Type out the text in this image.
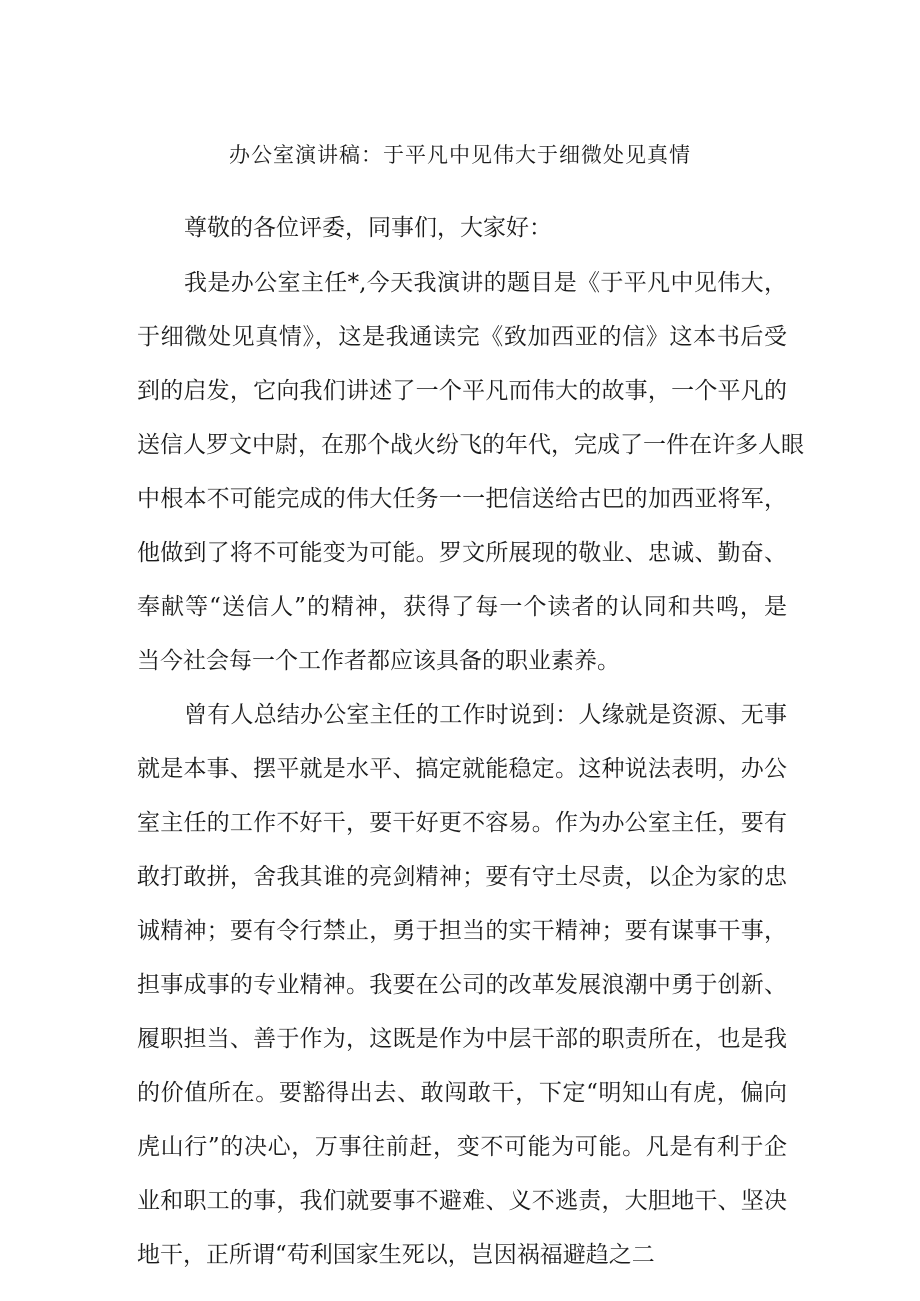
办公室演讲稿：于平凡中见伟大于细微处见真情

尊敬的各位评委，同事们，大家好：

我是办公室主任*,今天我演讲的题目是《于平凡中见伟大，

于细微处见真情》，这是我通读完《致加西亚的信》这本书后受

到的启发，它向我们讲述了一个平凡而伟大的故事，一个平凡的

送信人罗文中尉，在那个战火纷飞的年代，完成了一件在许多人眼

中根本不可能完成的伟大任务一一把信送给古巴的加西亚将军，

他做到了将不可能变为可能。罗文所展现的敬业、忠诚、勤奋、

奉献等“送信人”的精神，获得了每一个读者的认同和共鸣，是

当今社会每一个工作者都应该具备的职业素养。

曾有人总结办公室主任的工作时说到：人缘就是资源、无事

就是本事、摆平就是水平、搞定就能稳定。这种说法表明，办公

室主任的工作不好干，要干好更不容易。作为办公室主任，要有

敢打敢拼，舍我其谁的亮剑精神；要有守土尽责，以企为家的忠

诚精神；要有令行禁止，勇于担当的实干精神；要有谋事干事，

担事成事的专业精神。我要在公司的改革发展浪潮中勇于创新、

履职担当、善于作为，这既是作为中层干部的职责所在，也是我

的价值所在。要豁得出去、敢闯敢干，下定“明知山有虎，偏向

虎山行”的决心，万事往前赶，变不可能为可能。凡是有利于企

业和职工的事，我们就要事不避难、义不逃责，大胆地干、坚决

地干，正所谓“苟利国家生死以，岂因祸福避趋之二
